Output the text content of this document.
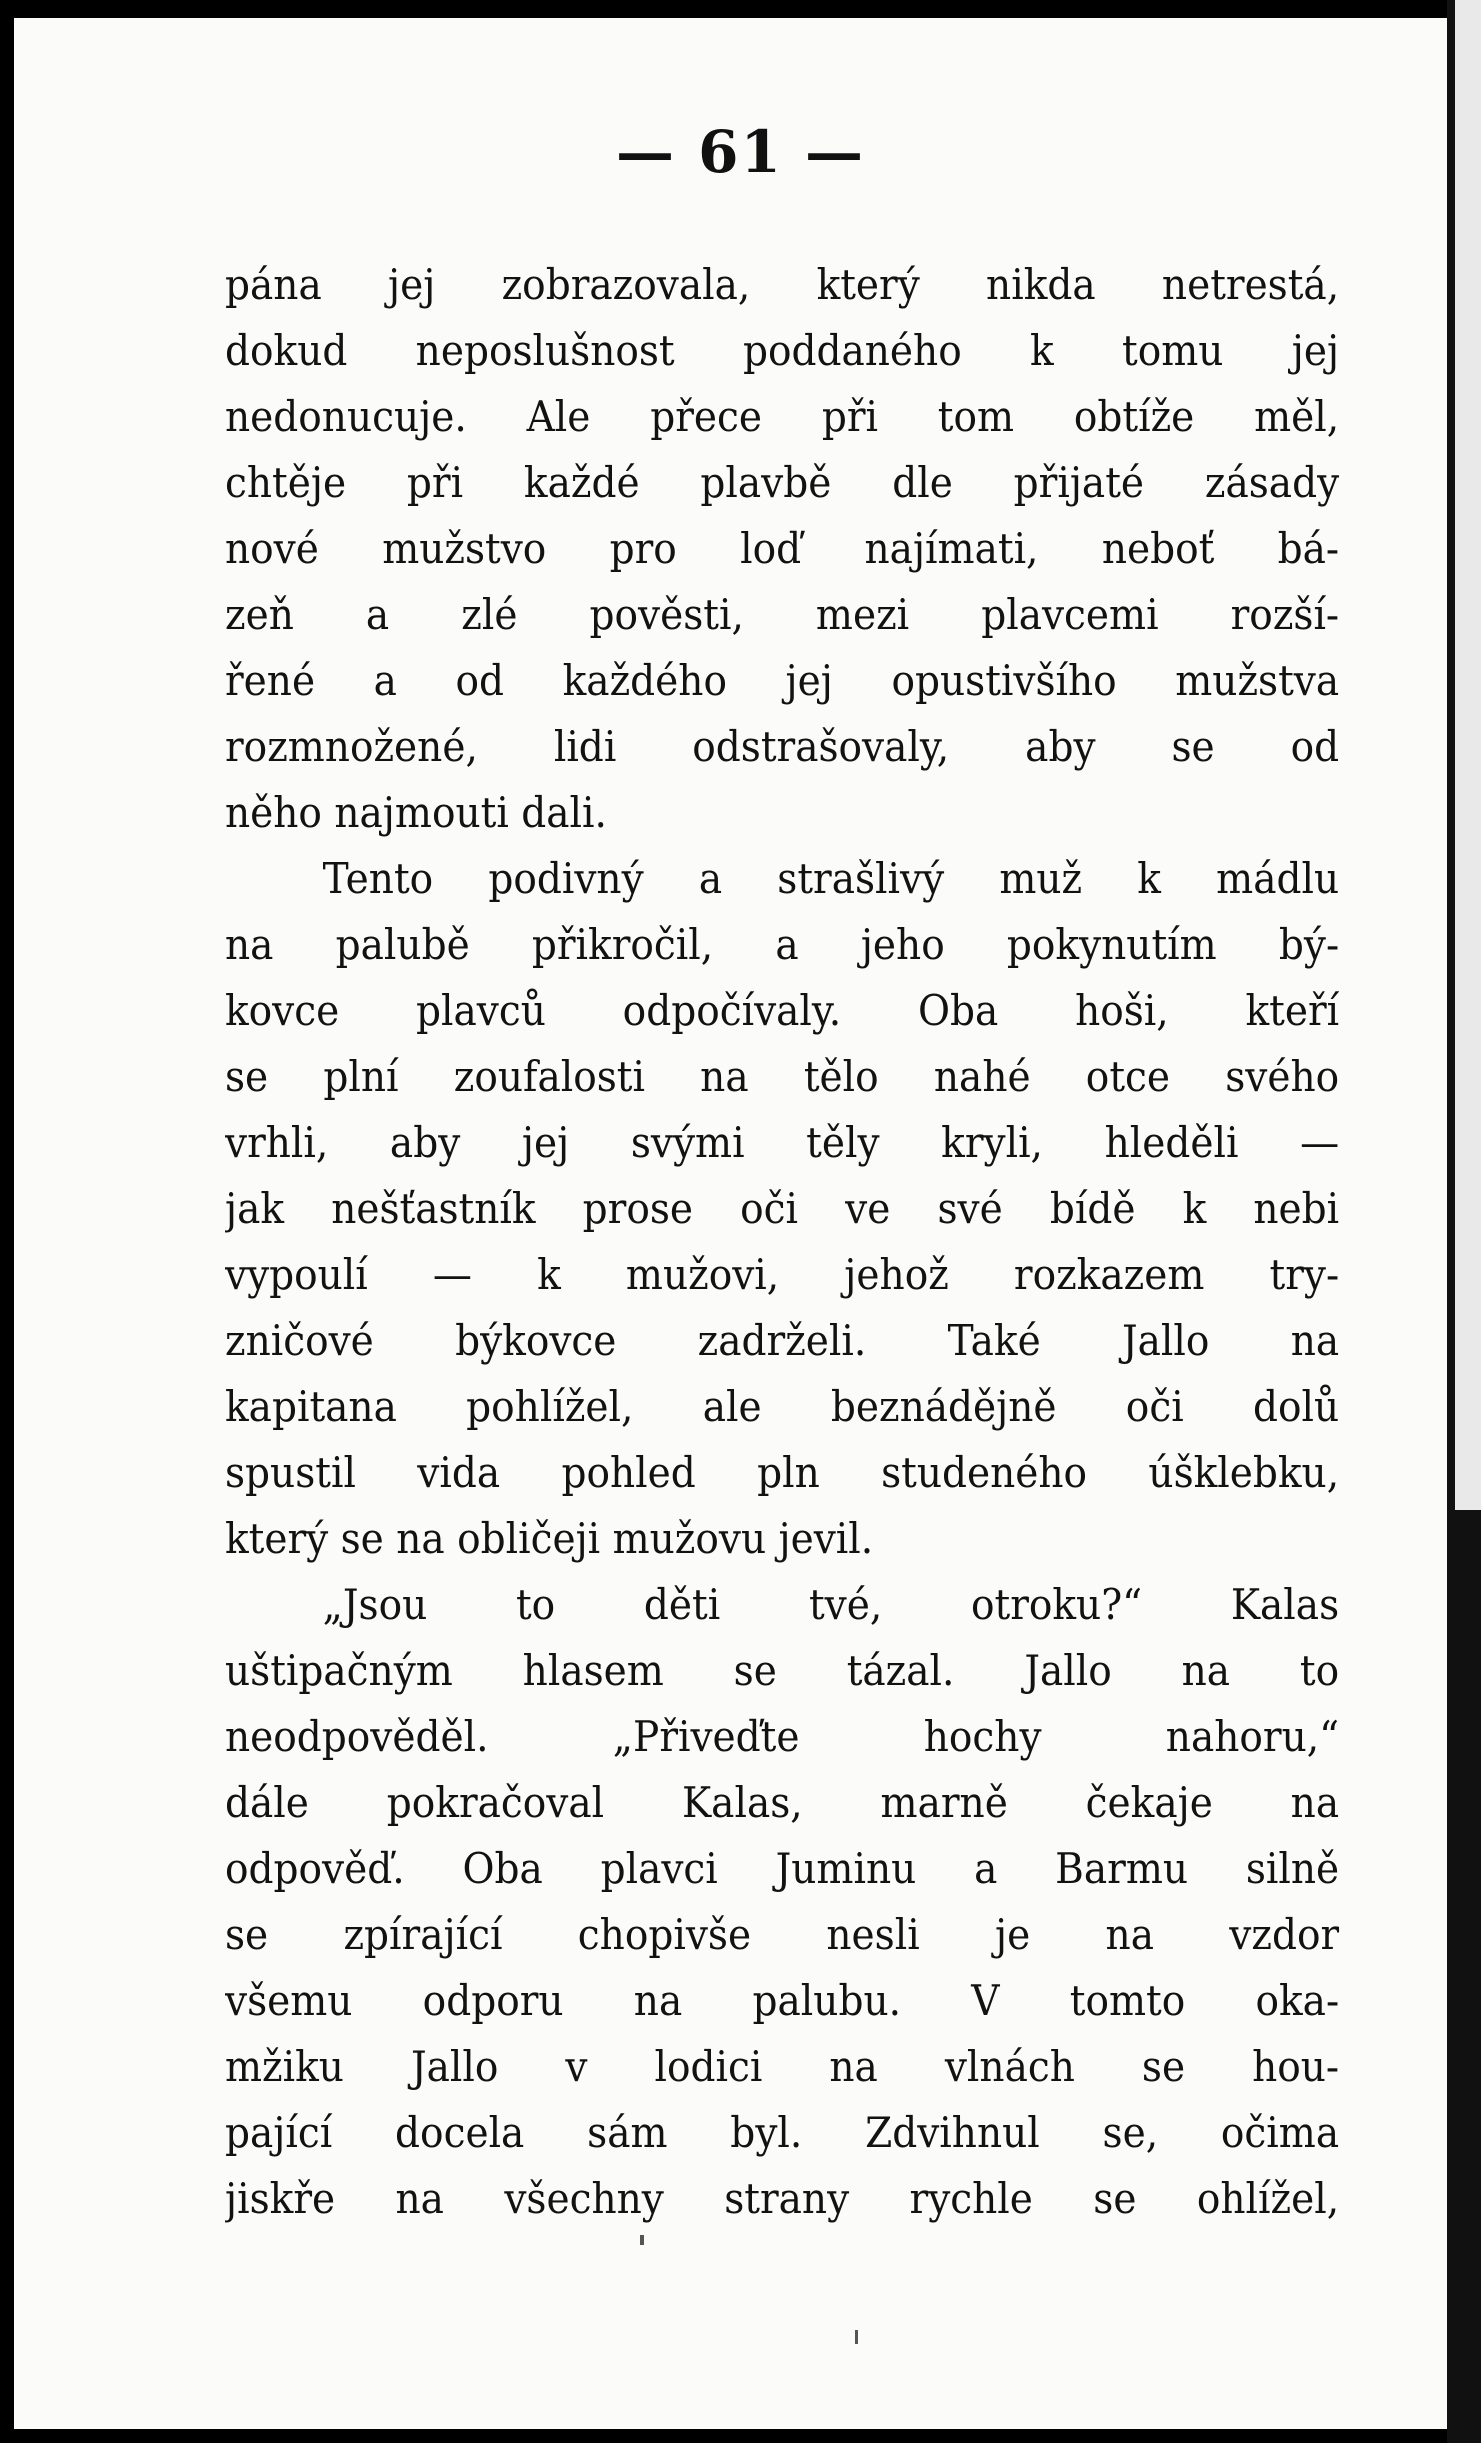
— 61 —
pána jej zobrazovala, který nikda netrestá,
dokud neposlušnost poddaného k tomu jej
nedonucuje. Ale přece při tom obtíže měl,
chtěje při každé plavbě dle přijaté zásady
nové mužstvo pro loď najímati, neboť bá-
zeň a zlé pověsti, mezi plavcemi rozší-
řené a od každého jej opustivšího mužstva
rozmnožené, lidi odstrašovaly, aby se od
něho najmouti dali.
Tento podivný a strašlivý muž k mádlu
na palubě přikročil, a jeho pokynutím bý-
kovce plavců odpočívaly. Oba hoši, kteří
se plní zoufalosti na tělo nahé otce svého
vrhli, aby jej svými těly kryli, hleděli —
jak nešťastník prose oči ve své bídě k nebi
vypoulí — k mužovi, jehož rozkazem try-
zničové býkovce zadrželi. Také Jallo na
kapitana pohlížel, ale beznádějně oči dolů
spustil vida pohled pln studeného úšklebku,
který se na obličeji mužovu jevil.
„Jsou to děti tvé, otroku?“ Kalas
uštipačným hlasem se tázal. Jallo na to
neodpověděl. „Přiveďte hochy nahoru,“
dále pokračoval Kalas, marně čekaje na
odpověď. Oba plavci Juminu a Barmu silně
se zpírající chopivše nesli je na vzdor
všemu odporu na palubu. V tomto oka-
mžiku Jallo v lodici na vlnách se hou-
pající docela sám byl. Zdvihnul se, očima
jiskře na všechny strany rychle se ohlížel,
